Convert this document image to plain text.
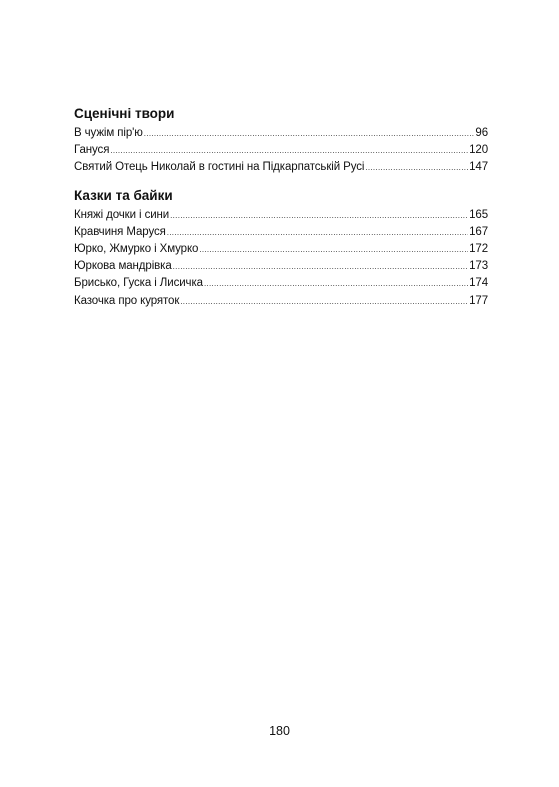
Сценічні твори
В чужім пір'ю .....	96
Гануся .....	120
Святий Отець Николай в гостині на Підкарпатській Русі .....	147
Казки та байки
Княжі дочки і сини .....	165
Кравчиня Маруся .....	167
Юрко, Жмурко і Хмурко .....	172
Юркова мандрівка .....	173
Брисько, Гуска і Лисичка .....	174
Казочка про куряток .....	177
180
